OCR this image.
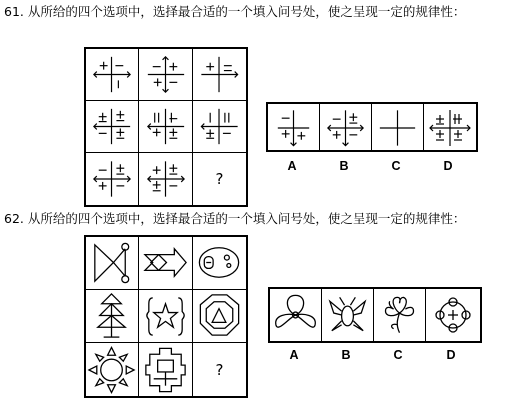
61. 从所给的四个选项中，选择最合适的一个填入问号处，使之呈现一定的规律性：
?
A	B	C	D
62. 从所给的四个选项中，选择最合适的一个填入问号处，使之呈现一定的规律性：
?
A	B	C	D
